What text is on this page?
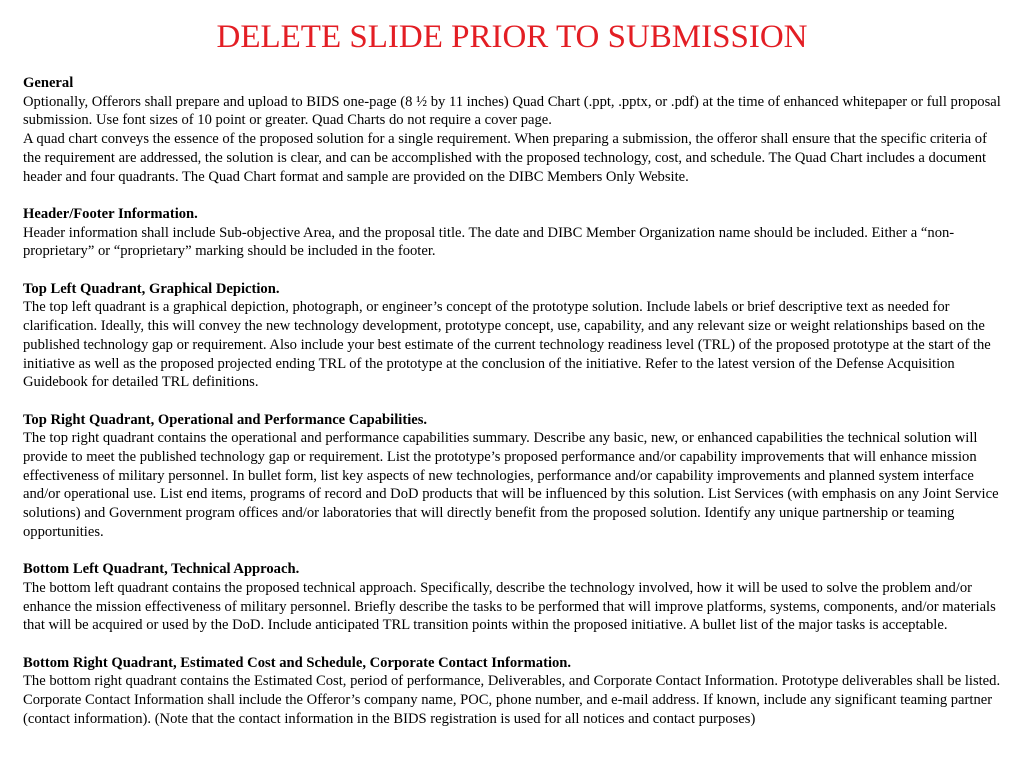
DELETE SLIDE PRIOR TO SUBMISSION
General

Optionally, Offerors shall prepare and upload to BIDS one-page (8 ½ by 11 inches) Quad Chart (.ppt, .pptx, or .pdf) at the time of enhanced whitepaper or full proposal submission. Use font sizes of 10 point or greater. Quad Charts do not require a cover page.

A quad chart conveys the essence of the proposed solution for a single requirement. When preparing a submission, the offeror shall ensure that the specific criteria of the requirement are addressed, the solution is clear, and can be accomplished with the proposed technology, cost, and schedule. The Quad Chart includes a document header and four quadrants. The Quad Chart format and sample are provided on the DIBC Members Only Website.

Header/Footer Information.

Header information shall include Sub-objective Area, and the proposal title. The date and DIBC Member Organization name should be included. Either a “non-proprietary” or “proprietary” marking should be included in the footer.

Top Left Quadrant, Graphical Depiction.

The top left quadrant is a graphical depiction, photograph, or engineer’s concept of the prototype solution. Include labels or brief descriptive text as needed for clarification. Ideally, this will convey the new technology development, prototype concept, use, capability, and any relevant size or weight relationships based on the published technology gap or requirement. Also include your best estimate of the current technology readiness level (TRL) of the proposed prototype at the start of the initiative as well as the proposed projected ending TRL of the prototype at the conclusion of the initiative. Refer to the latest version of the Defense Acquisition Guidebook for detailed TRL definitions.

Top Right Quadrant, Operational and Performance Capabilities.

The top right quadrant contains the operational and performance capabilities summary. Describe any basic, new, or enhanced capabilities the technical solution will provide to meet the published technology gap or requirement. List the prototype’s proposed performance and/or capability improvements that will enhance mission effectiveness of military personnel. In bullet form, list key aspects of new technologies, performance and/or capability improvements and planned system interface and/or operational use. List end items, programs of record and DoD products that will be influenced by this solution. List Services (with emphasis on any Joint Service solutions) and Government program offices and/or laboratories that will directly benefit from the proposed solution. Identify any unique partnership or teaming opportunities.

Bottom Left Quadrant, Technical Approach.

The bottom left quadrant contains the proposed technical approach. Specifically, describe the technology involved, how it will be used to solve the problem and/or enhance the mission effectiveness of military personnel. Briefly describe the tasks to be performed that will improve platforms, systems, components, and/or materials that will be acquired or used by the DoD. Include anticipated TRL transition points within the proposed initiative. A bullet list of the major tasks is acceptable.

Bottom Right Quadrant, Estimated Cost and Schedule, Corporate Contact Information.

The bottom right quadrant contains the Estimated Cost, period of performance, Deliverables, and Corporate Contact Information. Prototype deliverables shall be listed. Corporate Contact Information shall include the Offeror’s company name, POC, phone number, and e-mail address. If known, include any significant teaming partner (contact information). (Note that the contact information in the BIDS registration is used for all notices and contact purposes)
